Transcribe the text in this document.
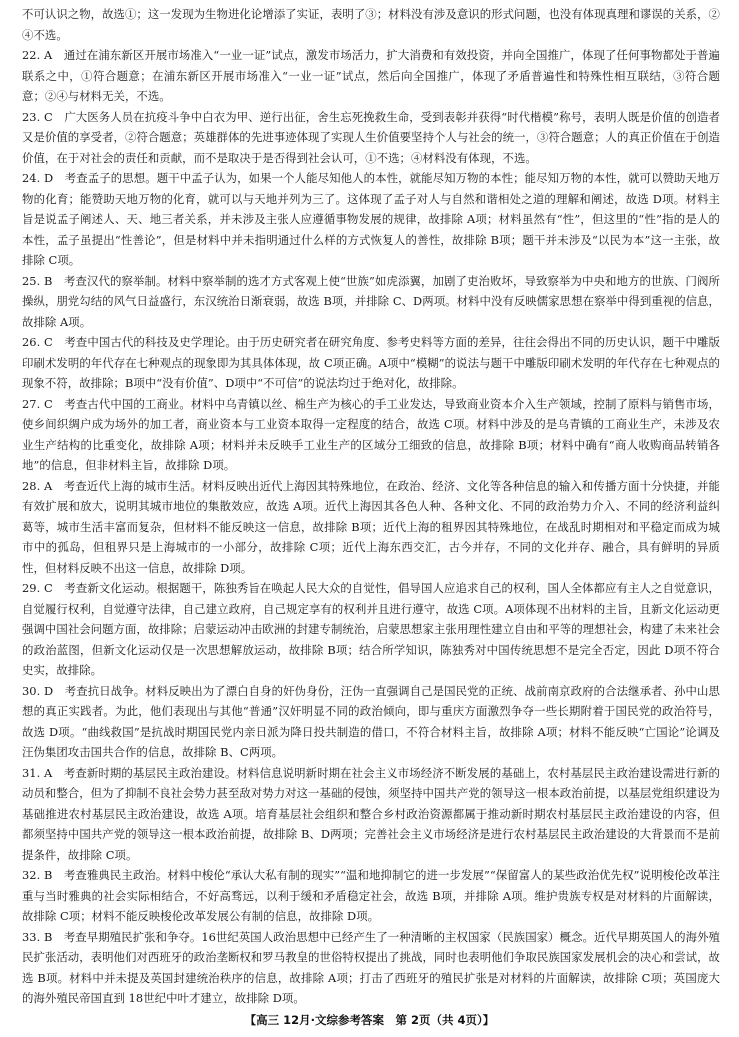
不可认识之物，故选①；这一发现为生物进化论增添了实证，表明了③；材料没有涉及意识的形式问题，也没有体现真理和谬误的关系，②④不选。

22. A　通过在浦东新区开展市场准入“一业一证”试点，激发市场活力，扩大消费和有效投资，并向全国推广，体现了任何事物都处于普遍联系之中，①符合题意；在浦东新区开展市场准入“一业一证”试点，然后向全国推广，体现了矛盾普遍性和特殊性相互联结，③符合题意；②④与材料无关，不选。

23. C　广大医务人员在抗疫斗争中白衣为甲、逆行出征，舍生忘死挽救生命，受到表彰并获得“时代楷模”称号，表明人既是价值的创造者又是价值的享受者，②符合题意；英雄群体的先进事迹体现了实现人生价值要坚持个人与社会的统一，③符合题意；人的真正价值在于创造价值，在于对社会的责任和贡献，而不是取决于是否得到社会认可，①不选；④材料没有体现，不选。

24. D　考查孟子的思想。题干中孟子认为，如果一个人能尽知他人的本性，就能尽知万物的本性；能尽知万物的本性，就可以赞助天地万物的化育；能赞助天地万物的化育，就可以与天地并列为三了。这体现了孟子对人与自然和谐相处之道的理解和阐述，故选 D项。材料主旨是说孟子阐述人、天、地三者关系，并未涉及主张人应遵循事物发展的规律，故排除 A项；材料虽然有“性”，但这里的“性”指的是人的本性，孟子虽提出“性善论”，但是材料中并未指明通过什么样的方式恢复人的善性，故排除 B项；题干并未涉及“以民为本”这一主张，故排除 C项。

25. B　考查汉代的察举制。材料中察举制的选才方式客观上使“世族”如虎添翼，加剧了吏治败坏，导致察举为中央和地方的世族、门阀所操纵，朋党勾结的风气日益盛行，东汉统治日渐衰弱，故选 B项，并排除 C、D两项。材料中没有反映儒家思想在察举中得到重视的信息，故排除 A项。

26. C　考查中国古代的科技及史学理论。由于历史研究者在研究角度、参考史料等方面的差异，往往会得出不同的历史认识，题干中雕版印刷术发明的年代存在七种观点的现象即为其具体体现，故 C项正确。A项中“模糊”的说法与题干中雕版印刷术发明的年代存在七种观点的现象不符，故排除；B项中“没有价值”、D项中“不可信”的说法均过于绝对化，故排除。

27. C　考查古代中国的工商业。材料中乌青镇以丝、棉生产为核心的手工业发达，导致商业资本介入生产领域，控制了原料与销售市场，使乡间织绸户成为场外的加工者，商业资本与工业资本取得一定程度的结合，故选 C项。材料中涉及的是乌青镇的工商业生产，未涉及农业生产结构的比重变化，故排除 A项；材料并未反映手工业生产的区域分工细致的信息，故排除 B项；材料中确有“商人收购商品转销各地”的信息，但非材料主旨，故排除 D项。

28. A　考查近代上海的城市生活。材料反映出近代上海因其特殊地位，在政治、经济、文化等各种信息的输入和传播方面十分快捷，并能有效扩展和放大，说明其城市地位的集散效应，故选 A项。近代上海因其各色人种、各种文化、不同的政治势力介入、不同的经济利益纠葛等，城市生活丰富而复杂，但材料不能反映这一信息，故排除 B项；近代上海的租界因其特殊地位，在战乱时期相对和平稳定而成为城市中的孤岛，但租界只是上海城市的一小部分，故排除 C项；近代上海东西交汇，古今并存，不同的文化并存、融合，具有鲜明的异质性，但材料反映不出这一信息，故排除 D项。

29. C　考查新文化运动。根据题干，陈独秀旨在唤起人民大众的自觉性，倡导国人应追求自己的权利，国人全体都应有主人之自觉意识，自觉履行权利，自觉遵守法律，自己建立政府，自己规定享有的权利并且进行遵守，故选 C项。A项体现不出材料的主旨，且新文化运动更强调中国社会问题方面，故排除；启蒙运动冲击欧洲的封建专制统治，启蒙思想家主张用理性建立自由和平等的理想社会，构建了未来社会的政治蓝图，但新文化运动仅是一次思想解放运动，故排除 B项；结合所学知识，陈独秀对中国传统思想不是完全否定，因此 D项不符合史实，故排除。

30. D　考查抗日战争。材料反映出为了漂白自身的奸伪身份，汪伪一直强调自己是国民党的正统、战前南京政府的合法继承者、孙中山思想的真正实践者。为此，他们表现出与其他“普通”汉奸明显不同的政治倾向，即与重庆方面激烈争夺一些长期附着于国民党的政治符号，故选 D项。“曲线救国”是抗战时期国民党内亲日派为降日投共制造的借口，不符合材料主旨，故排除 A项；材料不能反映“亡国论”论调及汪伪集团攻击国共合作的信息，故排除 B、C两项。

31. A　考查新时期的基层民主政治建设。材料信息说明新时期在社会主义市场经济不断发展的基础上，农村基层民主政治建设需进行新的动员和整合，但为了抑制不良社会势力甚至敌对势力对这一基础的侵蚀，须坚持中国共产党的领导这一根本政治前提，以基层党组织建设为基础推进农村基层民主政治建设，故选 A项。培育基层社会组织和整合乡村政治资源都属于推动新时期农村基层民主政治建设的内容，但都须坚持中国共产党的领导这一根本政治前提，故排除 B、D两项；完善社会主义市场经济是进行农村基层民主政治建设的大背景而不是前提条件，故排除 C项。

32. B　考查雅典民主政治。材料中梭伦“承认大私有制的现实”“温和地抑制它的进一步发展”“保留富人的某些政治优先权”说明梭伦改革注重与当时雅典的社会实际相结合，不好高骛远，以利于缓和矛盾稳定社会，故选 B项，并排除 A项。维护贵族专权是对材料的片面解读，故排除 C项；材料不能反映梭伦改革发展公有制的信息，故排除 D项。

33. B　考查早期殖民扩张和争夺。16世纪英国人政治思想中已经产生了一种清晰的主权国家（民族国家）概念。近代早期英国人的海外殖民扩张活动，表明他们对西班牙的政治垄断权和罗马教皇的世俗特权提出了挑战，同时也表明他们争取民族国家发展机会的决心和尝试，故选 B项。材料中并未提及英国封建统治秩序的信息，故排除 A项；打击了西班牙的殖民扩张是对材料的片面解读，故排除 C项；英国庞大的海外殖民帝国直到 18世纪中叶才建立，故排除 D项。

【高三 12月·文综参考答案　第 2页（共 4页）】
